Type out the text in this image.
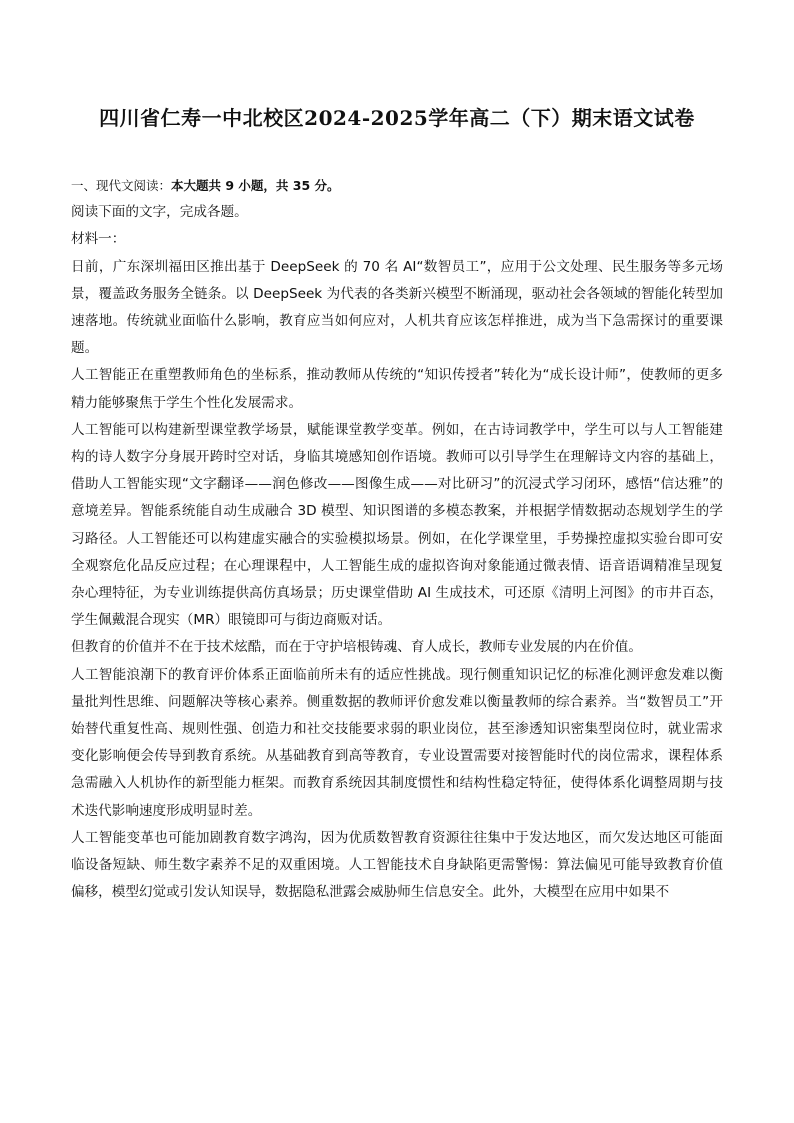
四川省仁寿一中北校区2024-2025学年高二（下）期末语文试卷

一、现代文阅读：本大题共 9 小题，共 35 分。

阅读下面的文字，完成各题。

材料一：

日前，广东深圳福田区推出基于 DeepSeek 的 70 名 AI“数智员工”，应用于公文处理、民生服务等多元场景，覆盖政务服务全链条。以 DeepSeek 为代表的各类新兴模型不断涌现，驱动社会各领域的智能化转型加速落地。传统就业面临什么影响，教育应当如何应对，人机共育应该怎样推进，成为当下急需探讨的重要课题。

人工智能正在重塑教师角色的坐标系，推动教师从传统的“知识传授者”转化为“成长设计师”，使教师的更多精力能够聚焦于学生个性化发展需求。

人工智能可以构建新型课堂教学场景，赋能课堂教学变革。例如，在古诗词教学中，学生可以与人工智能建构的诗人数字分身展开跨时空对话，身临其境感知创作语境。教师可以引导学生在理解诗文内容的基础上，借助人工智能实现“文字翻译——润色修改——图像生成——对比研习”的沉浸式学习闭环，感悟“信达雅”的意境差异。智能系统能自动生成融合 3D 模型、知识图谱的多模态教案，并根据学情数据动态规划学生的学习路径。人工智能还可以构建虚实融合的实验模拟场景。例如，在化学课堂里，手势操控虚拟实验台即可安全观察危化品反应过程；在心理课程中，人工智能生成的虚拟咨询对象能通过微表情、语音语调精准呈现复杂心理特征，为专业训练提供高仿真场景；历史课堂借助 AI 生成技术，可还原《清明上河图》的市井百态，学生佩戴混合现实（MR）眼镜即可与街边商贩对话。

但教育的价值并不在于技术炫酷，而在于守护培根铸魂、育人成长，教师专业发展的内在价值。

人工智能浪潮下的教育评价体系正面临前所未有的适应性挑战。现行侧重知识记忆的标准化测评愈发难以衡量批判性思维、问题解决等核心素养。侧重数据的教师评价愈发难以衡量教师的综合素养。当“数智员工”开始替代重复性高、规则性强、创造力和社交技能要求弱的职业岗位，甚至渗透知识密集型岗位时，就业需求变化影响便会传导到教育系统。从基础教育到高等教育，专业设置需要对接智能时代的岗位需求，课程体系急需融入人机协作的新型能力框架。而教育系统因其制度惯性和结构性稳定特征，使得体系化调整周期与技术迭代影响速度形成明显时差。

人工智能变革也可能加剧教育数字鸿沟，因为优质数智教育资源往往集中于发达地区，而欠发达地区可能面临设备短缺、师生数字素养不足的双重困境。人工智能技术自身缺陷更需警惕：算法偏见可能导致教育价值偏移，模型幻觉或引发认知误导，数据隐私泄露会威胁师生信息安全。此外，大模型在应用中如果不
